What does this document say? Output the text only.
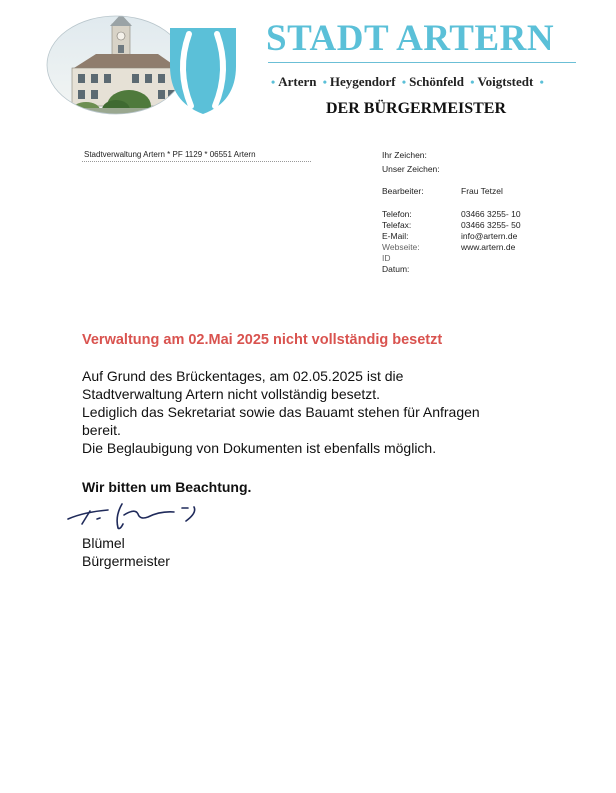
STADT ARTERN
• Artern • Heygendorf • Schönfeld • Voigtstedt •
DER BÜRGERMEISTER
Stadtverwaltung Artern * PF 1129 * 06551 Artern	Ihr Zeichen:
Unser Zeichen:
Bearbeiter:	Frau Tetzel
Telefon:	03466 3255- 10
Telefax:	03466 3255- 50
E-Mail:	info@artern.de
Webseite:	www.artern.de
ID
Datum:
Verwaltung am 02.Mai 2025 nicht vollständig besetzt
Auf Grund des Brückentages, am 02.05.2025 ist die
Stadtverwaltung Artern nicht vollständig besetzt.
Lediglich das Sekretariat sowie das Bauamt stehen für Anfragen
bereit.
Die Beglaubigung von Dokumenten ist ebenfalls möglich.
Wir bitten um Beachtung.
Blümel
Bürgermeister
